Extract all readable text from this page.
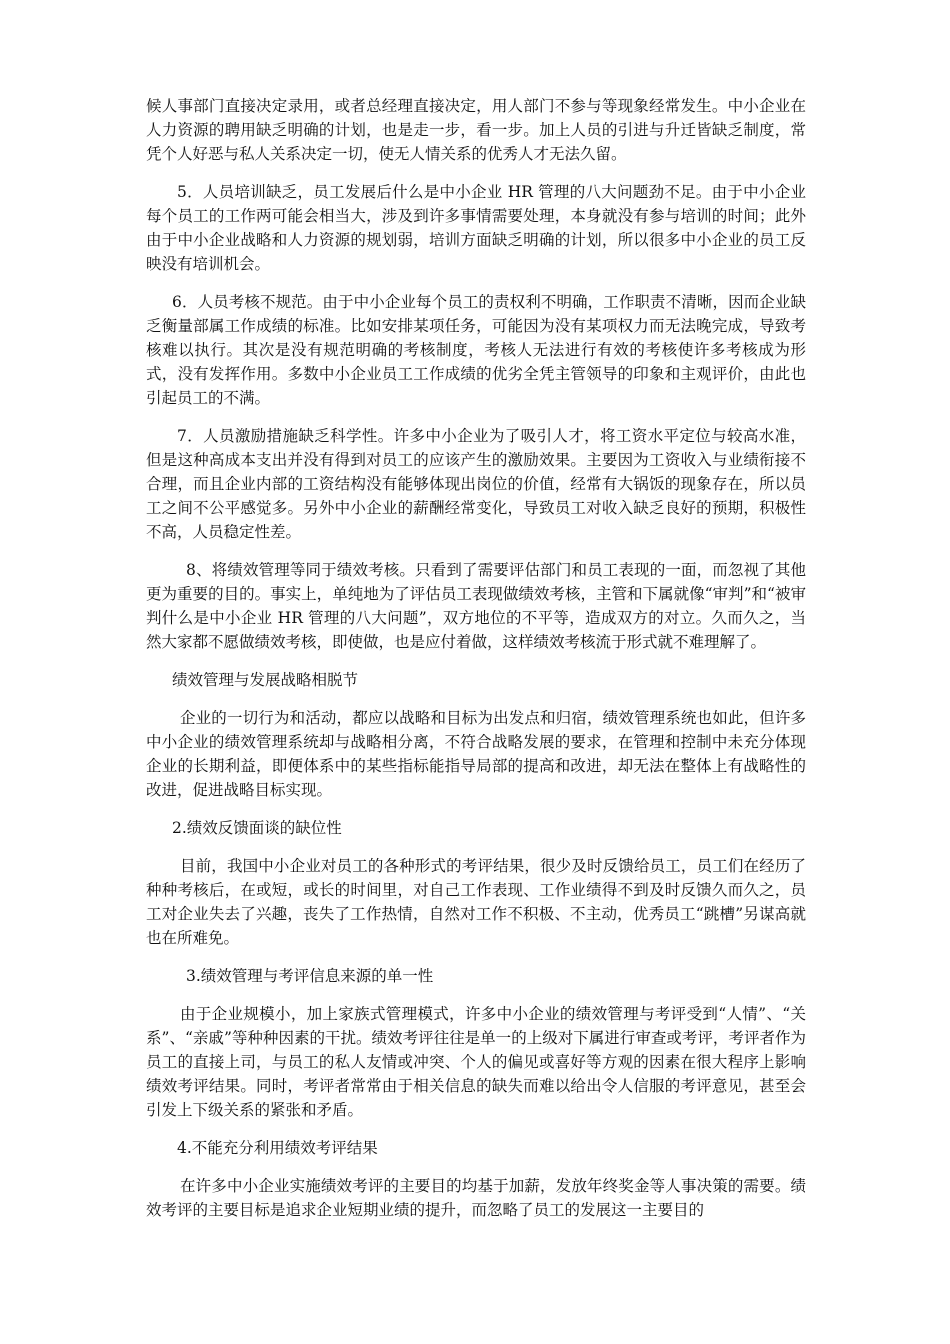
候人事部门直接决定录用，或者总经理直接决定，用人部门不参与等现象经常发生。中小企业在人力资源的聘用缺乏明确的计划，也是走一步，看一步。加上人员的引进与升迁皆缺乏制度，常凭个人好恶与私人关系决定一切，使无人情关系的优秀人才无法久留。

5．人员培训缺乏，员工发展后什么是中小企业 HR 管理的八大问题劲不足。由于中小企业每个员工的工作两可能会相当大，涉及到许多事情需要处理，本身就没有参与培训的时间；此外由于中小企业战略和人力资源的规划弱，培训方面缺乏明确的计划，所以很多中小企业的员工反映没有培训机会。

6．人员考核不规范。由于中小企业每个员工的责权利不明确，工作职责不清晰，因而企业缺乏衡量部属工作成绩的标准。比如安排某项任务，可能因为没有某项权力而无法晚完成，导致考核难以执行。其次是没有规范明确的考核制度，考核人无法进行有效的考核使许多考核成为形式，没有发挥作用。多数中小企业员工工作成绩的优劣全凭主管领导的印象和主观评价，由此也引起员工的不满。

7．人员激励措施缺乏科学性。许多中小企业为了吸引人才，将工资水平定位与较高水准，但是这种高成本支出并没有得到对员工的应该产生的激励效果。主要因为工资收入与业绩衔接不合理，而且企业内部的工资结构没有能够体现出岗位的价值，经常有大锅饭的现象存在，所以员工之间不公平感觉多。另外中小企业的薪酬经常变化，导致员工对收入缺乏良好的预期，积极性不高，人员稳定性差。

8、将绩效管理等同于绩效考核。只看到了需要评估部门和员工表现的一面，而忽视了其他更为重要的目的。事实上，单纯地为了评估员工表现做绩效考核，主管和下属就像“审判”和“被审判什么是中小企业 HR 管理的八大问题”，双方地位的不平等，造成双方的对立。久而久之，当然大家都不愿做绩效考核，即使做，也是应付着做，这样绩效考核流于形式就不难理解了。

绩效管理与发展战略相脱节

企业的一切行为和活动，都应以战略和目标为出发点和归宿，绩效管理系统也如此，但许多中小企业的绩效管理系统却与战略相分离，不符合战略发展的要求，在管理和控制中未充分体现企业的长期利益，即便体系中的某些指标能指导局部的提高和改进，却无法在整体上有战略性的改进，促进战略目标实现。

2.绩效反馈面谈的缺位性

目前，我国中小企业对员工的各种形式的考评结果，很少及时反馈给员工，员工们在经历了种种考核后，在或短，或长的时间里，对自己工作表现、工作业绩得不到及时反馈久而久之，员工对企业失去了兴趣，丧失了工作热情，自然对工作不积极、不主动，优秀员工“跳槽”另谋高就也在所难免。

3.绩效管理与考评信息来源的单一性

由于企业规模小，加上家族式管理模式，许多中小企业的绩效管理与考评受到“人情”、“关系”、“亲戚”等种种因素的干扰。绩效考评往往是单一的上级对下属进行审查或考评，考评者作为员工的直接上司，与员工的私人友情或冲突、个人的偏见或喜好等方观的因素在很大程序上影响绩效考评结果。同时，考评者常常由于相关信息的缺失而难以给出令人信服的考评意见，甚至会引发上下级关系的紧张和矛盾。

4.不能充分利用绩效考评结果

在许多中小企业实施绩效考评的主要目的均基于加薪，发放年终奖金等人事决策的需要。绩效考评的主要目标是追求企业短期业绩的提升，而忽略了员工的发展这一主要目的
